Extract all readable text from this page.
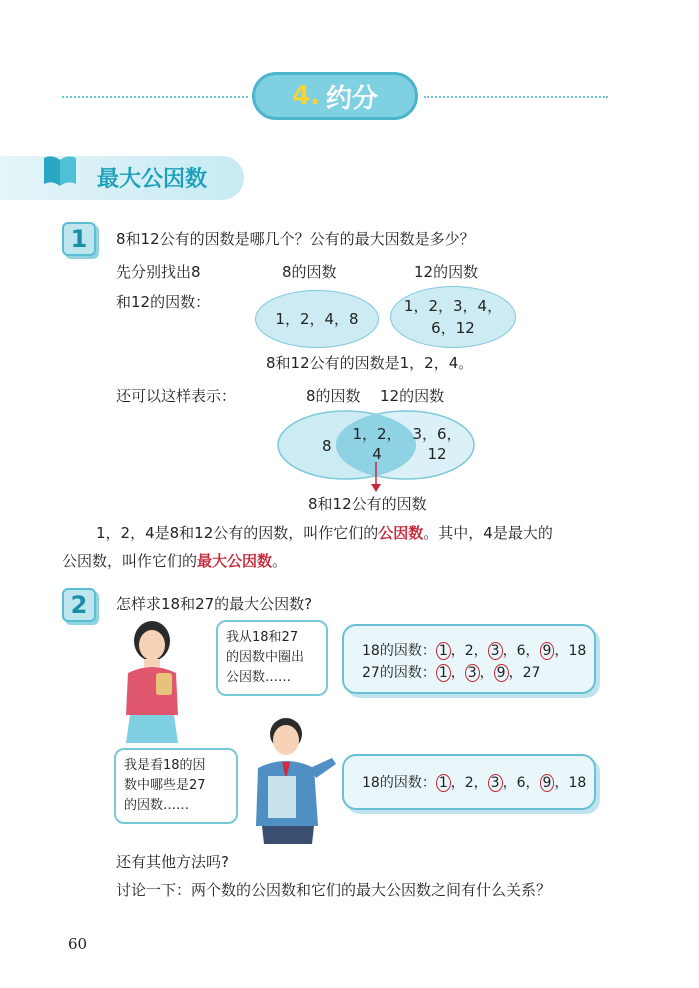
4. 约分
最大公因数
1	8和12公有的因数是哪几个？公有的最大因数是多少？
先分别找出8
和12的因数：
8的因数	12的因数
1，2，4，8
1，2，3，4，
6，12
8和12公有的因数是1，2，4。
还可以这样表示：	8的因数 12的因数
8
1，2，
4
3，6，
12
8和12公有的因数
1，2，4是8和12公有的因数，叫作它们的公因数。其中，4是最大的
公因数，叫作它们的最大公因数。
2	怎样求18和27的最大公因数?
我从18和27
的因数中圈出
公因数……
18的因数： 1 ，2， 3 ，6， 9 ，18
27的因数： 1 ， 3 ， 9 ，27
我是看18的因
数中哪些是27
的因数……
18的因数： 1 ，2， 3 ，6， 9 ，18
还有其他方法吗?
讨论一下：两个数的公因数和它们的最大公因数之间有什么关系？
60
